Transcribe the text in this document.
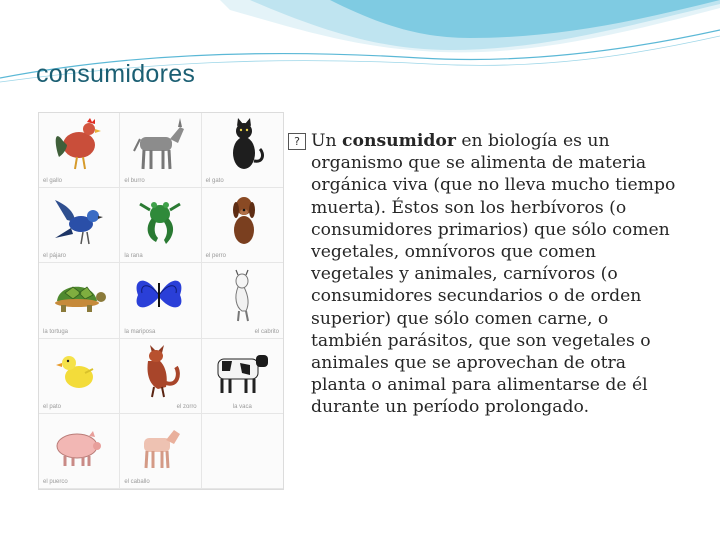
consumidores
el gallo	el burro	el gato
el pájaro	la rana	el perro
la tortuga	la mariposa	el cabrito
el pato	el zorro	la vaca
el puerco	el caballo
? Un consumidor en biología es un organismo que se alimenta de materia orgánica viva (que no lleva mucho tiempo muerta). Éstos son los herbívoros (o consumidores primarios) que sólo comen vegetales, omnívoros que comen vegetales y animales, carnívoros (o consumidores secundarios o de orden superior) que sólo comen carne, o también parásitos, que son vegetales o animales que se aprovechan de otra planta o animal para alimentarse de él durante un período prolongado.
